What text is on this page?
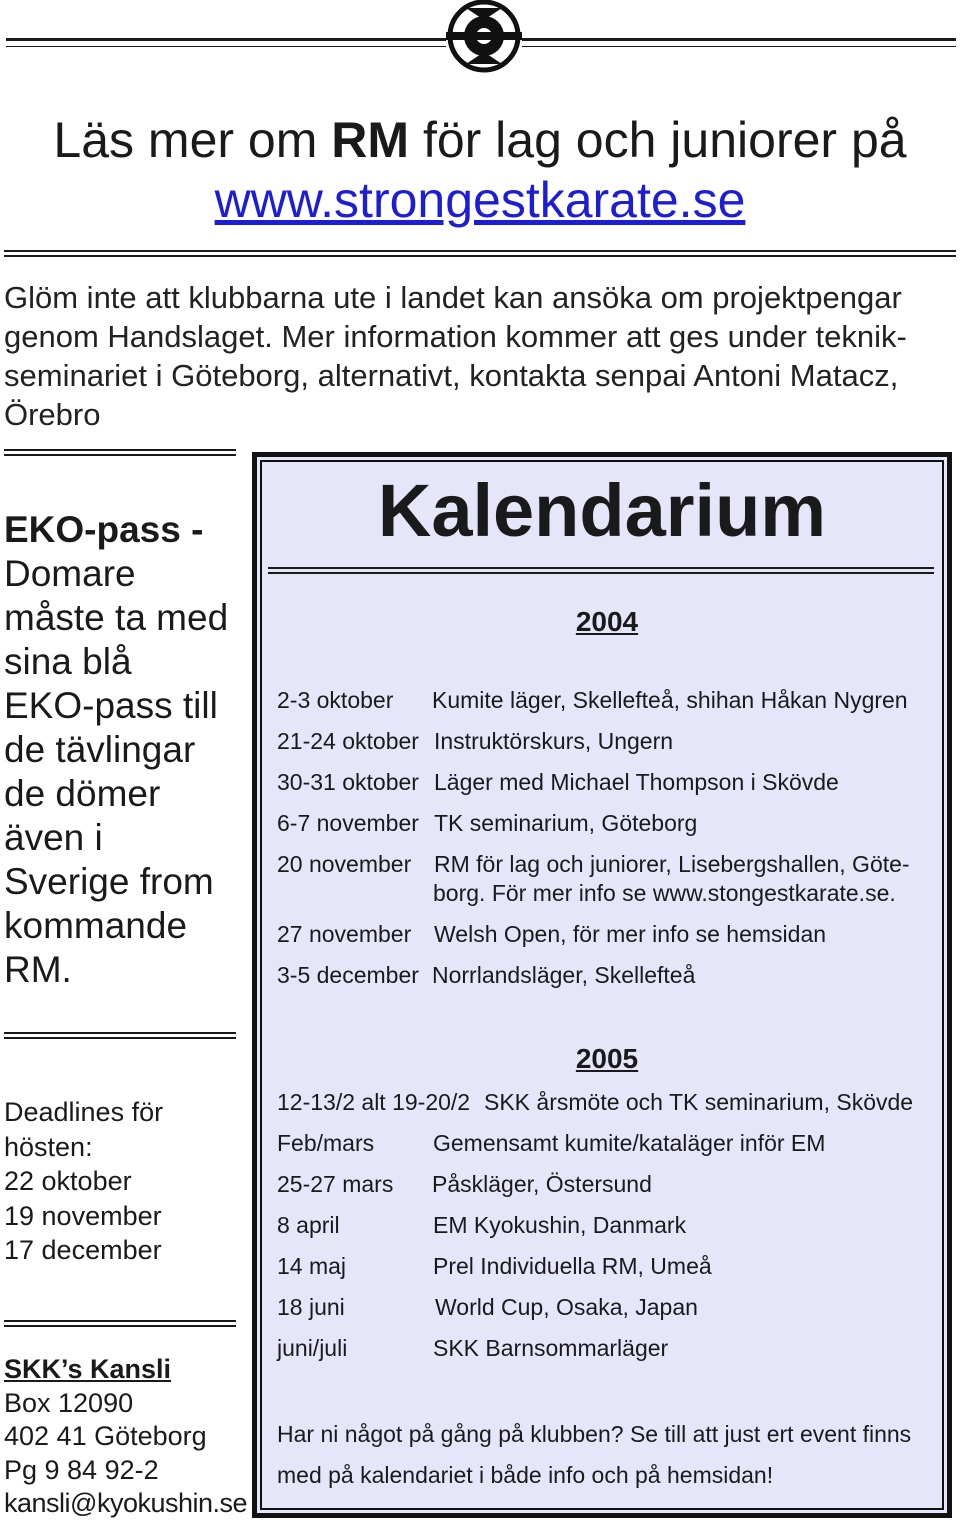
Läs mer om RM för lag och juniorer på
www.strongestkarate.se
Glöm inte att klubbarna ute i landet kan ansöka om projektpengar genom Handslaget. Mer information kommer att ges under teknik-seminariet i Göteborg, alternativt, kontakta senpai Antoni Matacz, Örebro
EKO-pass -
Domare
måste ta med
sina blå
EKO-pass till
de tävlingar
de dömer
även i
Sverige from
kommande
RM.
Deadlines för
hösten:
22 oktober
19 november
17 december
SKK’s Kansli
Box 12090
402 41 Göteborg
Pg 9 84 92-2
kansli@kyokushin.se
Kalendarium
2004
2-3 oktober Kumite läger, Skellefteå, shihan Håkan Nygren
21-24 oktober Instruktörskurs, Ungern
30-31 oktober Läger med Michael Thompson i Skövde
6-7 november TK seminarium, Göteborg
20 november RM för lag och juniorer, Lisebergshallen, Göte-
borg. För mer info se www.stongestkarate.se.
27 november Welsh Open, för mer info se hemsidan
3-5 december Norrlandsläger, Skellefteå
2005
12-13/2 alt 19-20/2 SKK årsmöte och TK seminarium, Skövde
Feb/mars	Gemensamt kumite/kataläger inför EM
25-27 mars Påskläger, Östersund
8 april	EM Kyokushin, Danmark
14 maj	Prel Individuella RM, Umeå
18 juni	World Cup, Osaka, Japan
juni/juli	SKK Barnsommarläger
Har ni något på gång på klubben? Se till att just ert event finns med på kalendariet i både info och på hemsidan!
